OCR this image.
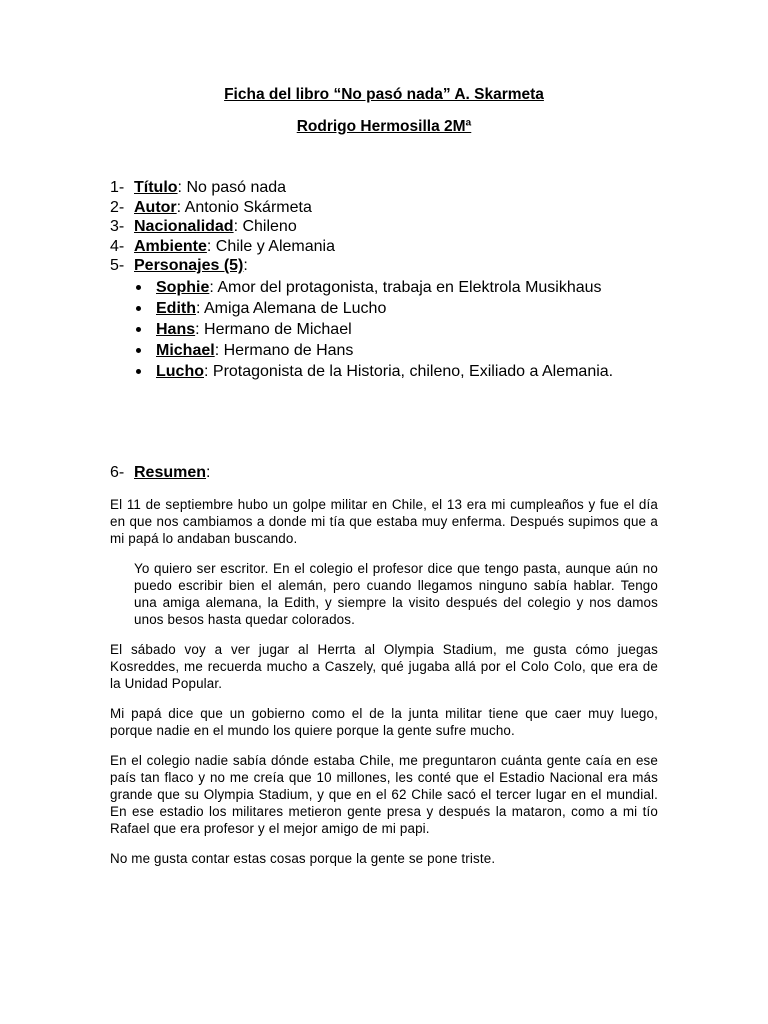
Ficha del libro “No pasó nada” A. Skarmeta
Rodrigo Hermosilla 2Mª
1- Título: No pasó nada
2- Autor: Antonio Skármeta
3- Nacionalidad: Chileno
4- Ambiente: Chile y Alemania
5- Personajes (5):
Sophie: Amor del protagonista, trabaja en Elektrola Musikhaus
Edith: Amiga Alemana de Lucho
Hans: Hermano de Michael
Michael: Hermano de Hans
Lucho: Protagonista de la Historia, chileno, Exiliado a Alemania.
6- Resumen:

El 11 de septiembre hubo un golpe militar en Chile, el 13 era mi cumpleaños y fue el día en que nos cambiamos a donde mi tía que estaba muy enferma. Después supimos que a mi papá lo andaban buscando.

Yo quiero ser escritor. En el colegio el profesor dice que tengo pasta, aunque aún no puedo escribir bien el alemán, pero cuando llegamos ninguno sabía hablar. Tengo una amiga alemana, la Edith, y siempre la visito después del colegio y nos damos unos besos hasta quedar colorados.

El sábado voy a ver jugar al Herrta al Olympia Stadium, me gusta cómo juegas Kosreddes, me recuerda mucho a Caszely, qué jugaba allá por el Colo Colo, que era de la Unidad Popular.

Mi papá dice que un gobierno como el de la junta militar tiene que caer muy luego, porque nadie en el mundo los quiere porque la gente sufre mucho.

En el colegio nadie sabía dónde estaba Chile, me preguntaron cuánta gente caía en ese país tan flaco y no me creía que 10 millones, les conté que el Estadio Nacional era más grande que su Olympia Stadium, y que en el 62 Chile sacó el tercer lugar en el mundial. En ese estadio los militares metieron gente presa y después la mataron, como a mi tío Rafael que era profesor y el mejor amigo de mi papi.

No me gusta contar estas cosas porque la gente se pone triste.
